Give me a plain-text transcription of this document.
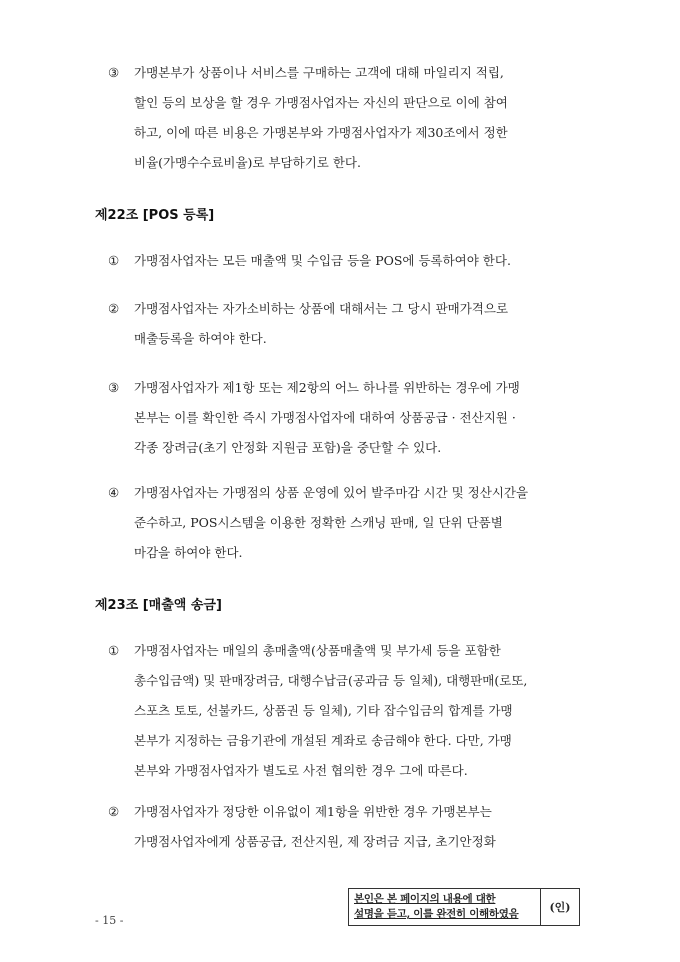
③ 가맹본부가 상품이나 서비스를 구매하는 고객에 대해 마일리지 적립,
할인 등의 보상을 할 경우 가맹점사업자는 자신의 판단으로 이에 참여
하고, 이에 따른 비용은 가맹본부와 가맹점사업자가 제30조에서 정한
비율(가맹수수료비율)로 부담하기로 한다.
제22조 [POS 등록]
① 가맹점사업자는 모든 매출액 및 수입금 등을 POS에 등록하여야 한다.
② 가맹점사업자는 자가소비하는 상품에 대해서는 그 당시 판매가격으로
매출등록을 하여야 한다.
③ 가맹점사업자가 제1항 또는 제2항의 어느 하나를 위반하는 경우에 가맹
본부는 이를 확인한 즉시 가맹점사업자에 대하여 상품공급 · 전산지원 ·
각종 장려금(초기 안정화 지원금 포함)을 중단할 수 있다.
④ 가맹점사업자는 가맹점의 상품 운영에 있어 발주마감 시간 및 정산시간을
준수하고, POS시스템을 이용한 정확한 스캐닝 판매, 일 단위 단품별
마감을 하여야 한다.
제23조 [매출액 송금]
① 가맹점사업자는 매일의 총매출액(상품매출액 및 부가세 등을 포함한
총수입금액) 및 판매장려금, 대행수납금(공과금 등 일체), 대행판매(로또,
스포츠 토토, 선불카드, 상품권 등 일체), 기타 잡수입금의 합계를 가맹
본부가 지정하는 금융기관에 개설된 계좌로 송금해야 한다. 다만, 가맹
본부와 가맹점사업자가 별도로 사전 협의한 경우 그에 따른다.
② 가맹점사업자가 정당한 이유없이 제1항을 위반한 경우 가맹본부는
가맹점사업자에게 상품공급, 전산지원, 제 장려금 지급, 초기안정화
- 15 -
본인은 본 페이지의 내용에 대한
설명을 듣고, 이를 완전히 이해하였음	(인)
